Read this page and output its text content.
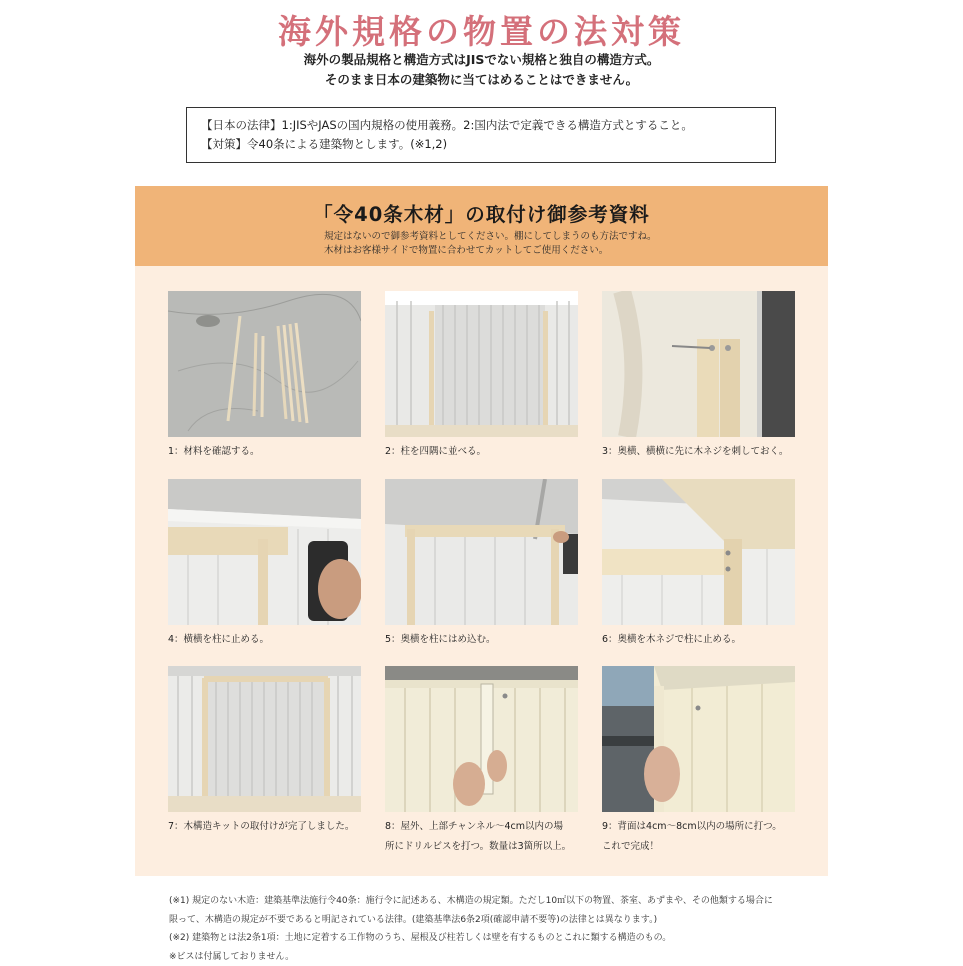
海外規格の物置の法対策
海外の製品規格と構造方式はJISでない規格と独自の構造方式。
そのまま日本の建築物に当てはめることはできません。
【日本の法律】1:JISやJASの国内規格の使用義務。2:国内法で定義できる構造方式とすること。
【対策】令40条による建築物とします。(※1,2)
「令40条木材」の取付け御参考資料
規定はないので御参考資料としてください。棚にしてしまうのも方法ですね。
木材はお客様サイドで物置に合わせてカットしてご使用ください。
1：材料を確認する。	2：柱を四隅に並べる。	3：奥横、横横に先に木ネジを刺しておく。
4：横横を柱に止める。	5：奥横を柱にはめ込む。	6：奥横を木ネジで柱に止める。
7：木構造キットの取付けが完了しました。	8：屋外、上部チャンネル～4cm以内の場
所にドリルビスを打つ。数量は3箇所以上。
9：背面は4cm～8cm以内の場所に打つ。
これで完成！
(※1) 規定のない木造：建築基準法施行令40条：施行令に記述ある、木構造の規定類。ただし10㎡以下の物置、茶室、あずまや、その他類する場合に
限って、木構造の規定が不要であると明記されている法律。(建築基準法6条2項(確認申請不要等)の法律とは異なります。)
(※2) 建築物とは法2条1項：土地に定着する工作物のうち、屋根及び柱若しくは壁を有するものとこれに類する構造のもの。
※ビスは付属しておりません。
